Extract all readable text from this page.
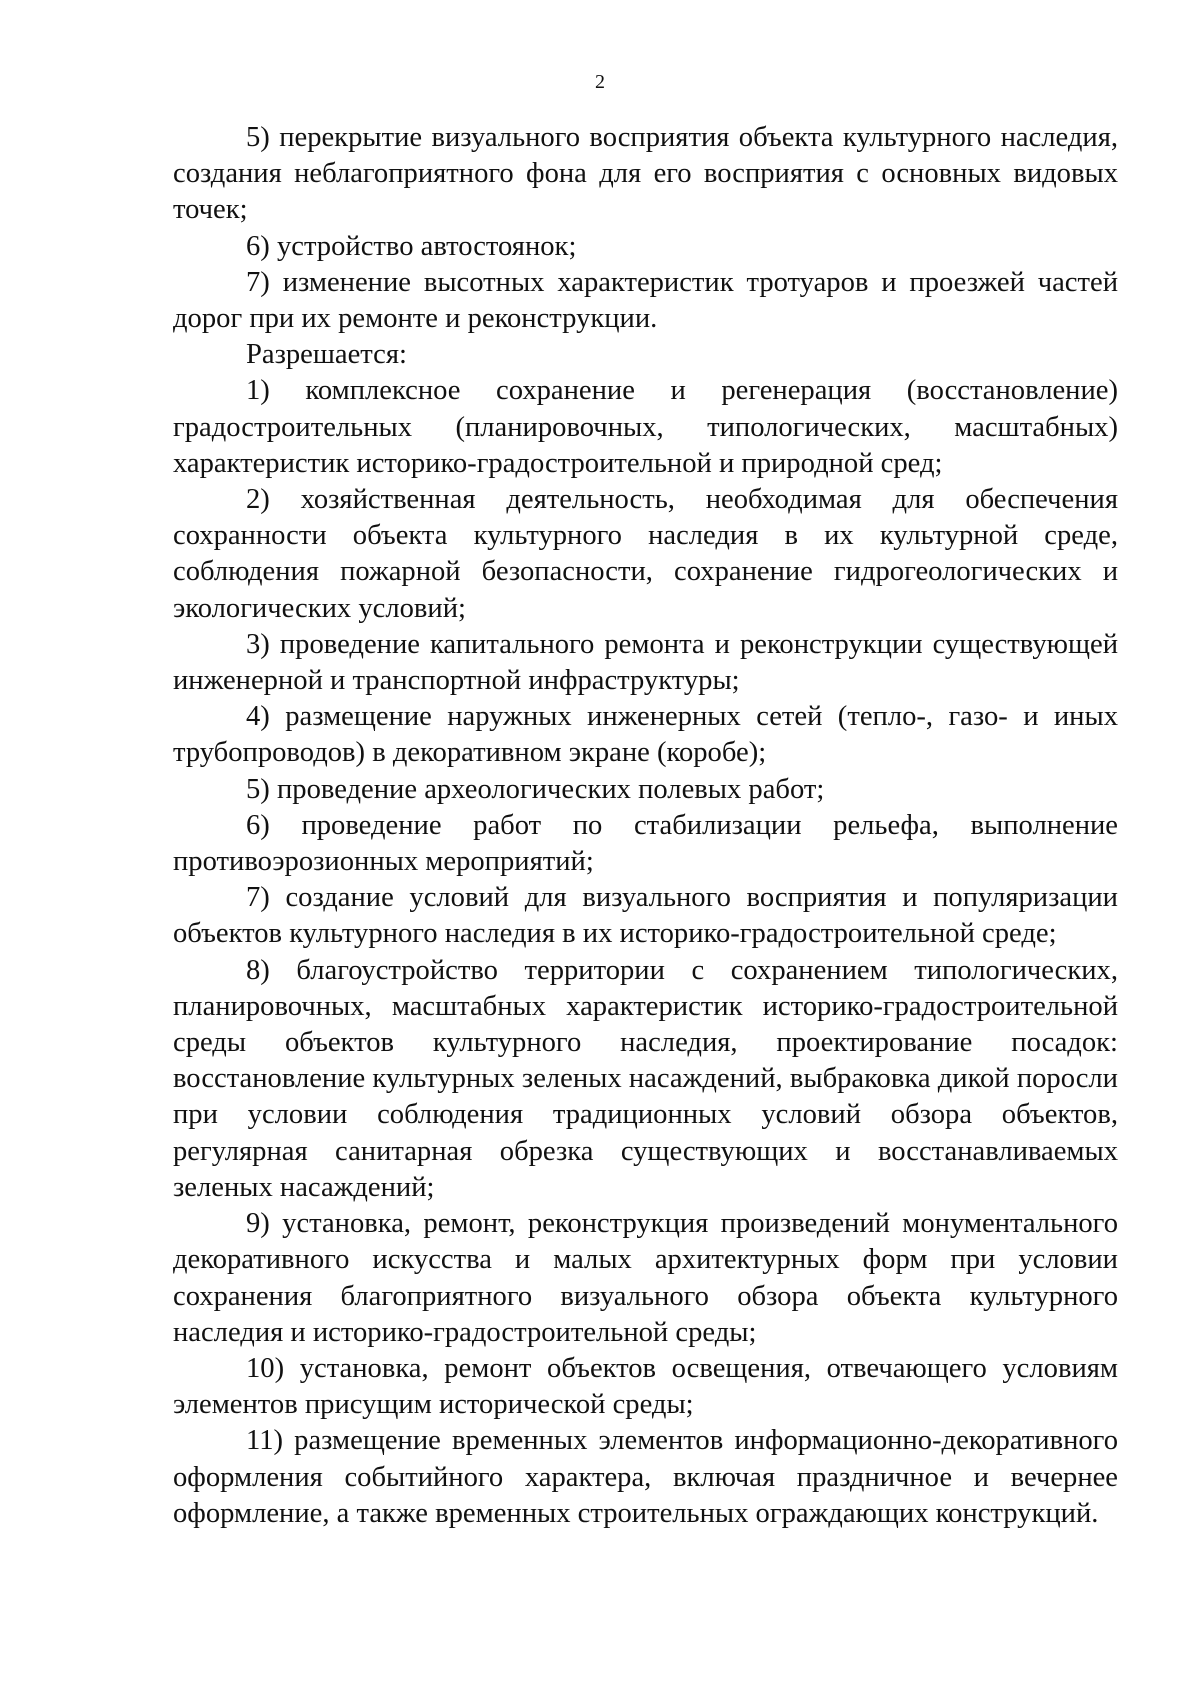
2

5) перекрытие визуального восприятия объекта культурного наследия, создания неблагоприятного фона для его восприятия с основных видовых точек;

6) устройство автостоянок;

7) изменение высотных характеристик тротуаров и проезжей частей дорог при их ремонте и реконструкции.

Разрешается:

1) комплексное сохранение и регенерация (восстановление) градостроительных (планировочных, типологических, масштабных) характеристик историко-градостроительной и природной сред;

2) хозяйственная деятельность, необходимая для обеспечения сохранности объекта культурного наследия в их культурной среде, соблюдения пожарной безопасности, сохранение гидрогеологических и экологических условий;

3) проведение капитального ремонта и реконструкции существующей инженерной и транспортной инфраструктуры;

4) размещение наружных инженерных сетей (тепло-, газо- и иных трубопроводов) в декоративном экране (коробе);

5) проведение археологических полевых работ;

6) проведение работ по стабилизации рельефа, выполнение противоэрозионных мероприятий;

7) создание условий для визуального восприятия и популяризации объектов культурного наследия в их историко-градостроительной среде;

8) благоустройство территории с сохранением типологических, планировочных, масштабных характеристик историко-градостроительной среды объектов культурного наследия, проектирование посадок: восстановление культурных зеленых насаждений, выбраковка дикой поросли при условии соблюдения традиционных условий обзора объектов, регулярная санитарная обрезка существующих и восстанавливаемых зеленых насаждений;

9) установка, ремонт, реконструкция произведений монументального декоративного искусства и малых архитектурных форм при условии сохранения благоприятного визуального обзора объекта культурного наследия и историко-градостроительной среды;

10) установка, ремонт объектов освещения, отвечающего условиям элементов присущим исторической среды;

11) размещение временных элементов информационно-декоративного оформления событийного характера, включая праздничное и вечернее оформление, а также временных строительных ограждающих конструкций.
